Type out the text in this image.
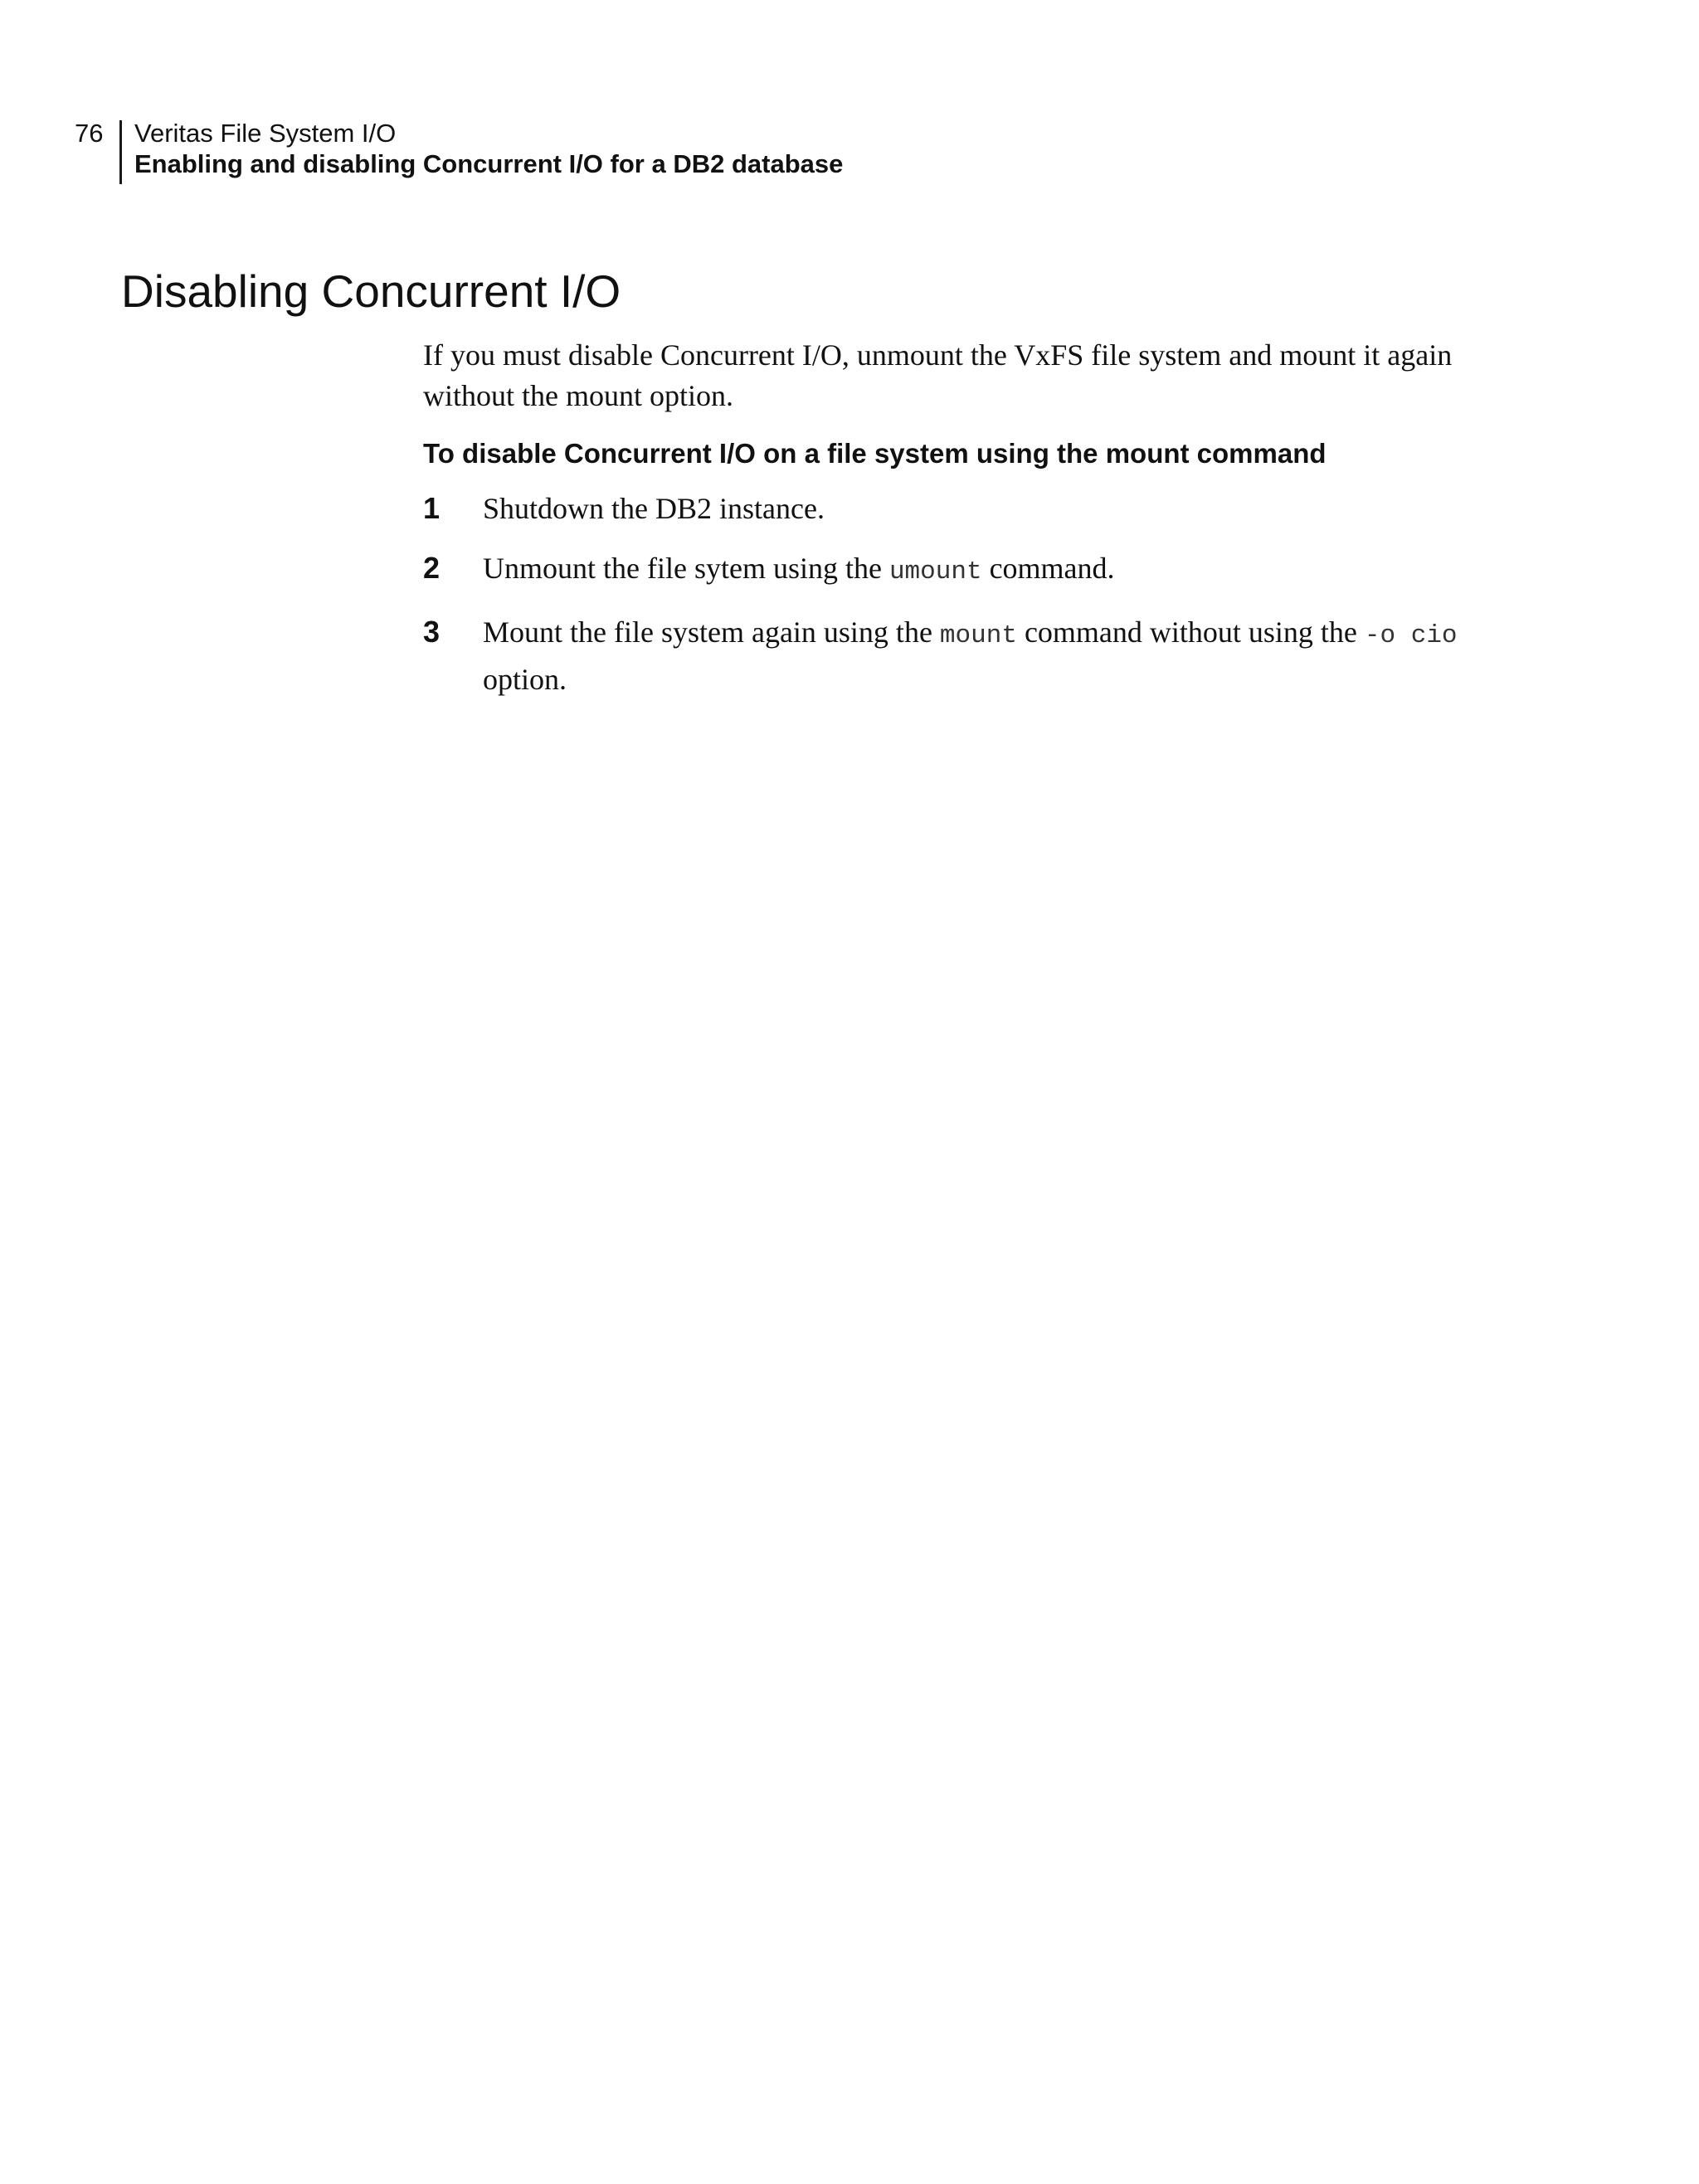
76 Veritas File System I/O
Enabling and disabling Concurrent I/O for a DB2 database
Disabling Concurrent I/O

If you must disable Concurrent I/O, unmount the VxFS file system and mount it again without the mount option.

To disable Concurrent I/O on a file system using the mount command
1 Shutdown the DB2 instance.
2 Unmount the file sytem using the umount command.
3 Mount the file system again using the mount command without using the -o cio option.
